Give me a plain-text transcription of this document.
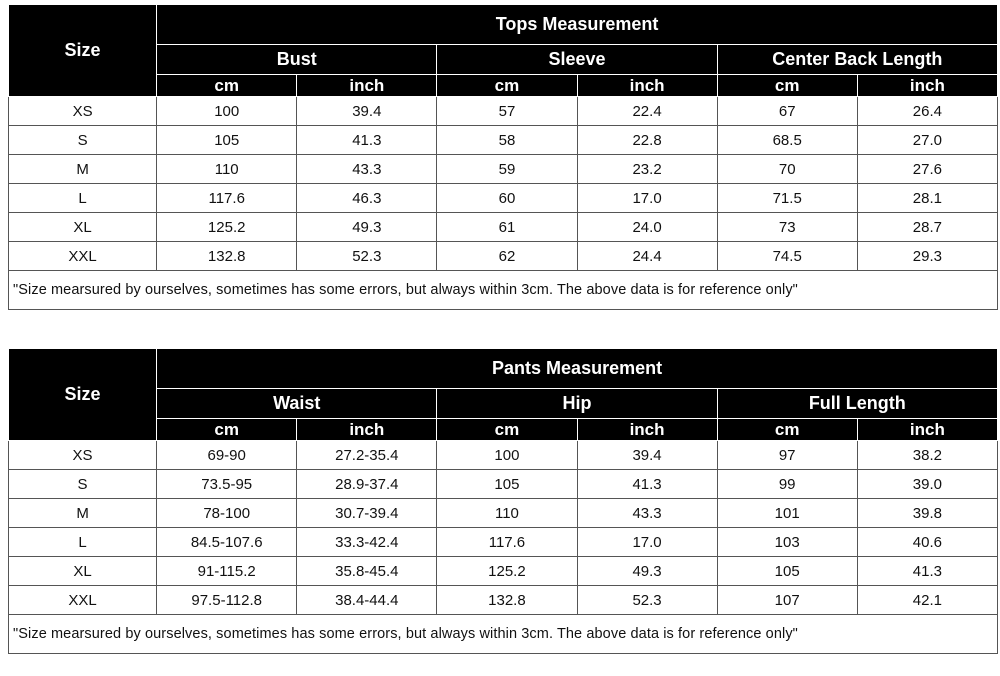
Size	Tops Measurement					
	Bust		Sleeve		Center Back Length	
	cm	inch	cm	inch	cm	inch
XS	100	39.4	57	22.4	67	26.4
S	105	41.3	58	22.8	68.5	27.0
M	110	43.3	59	23.2	70	27.6
L	117.6	46.3	60	17.0	71.5	28.1
XL	125.2	49.3	61	24.0	73	28.7
XXL	132.8	52.3	62	24.4	74.5	29.3
"Size mearsured by ourselves, sometimes has some errors, but always within 3cm. The above data is for reference only"						
Size	Pants Measurement					
	Waist		Hip		Full Length	
	cm	inch	cm	inch	cm	inch
XS	69-90	27.2-35.4	100	39.4	97	38.2
S	73.5-95	28.9-37.4	105	41.3	99	39.0
M	78-100	30.7-39.4	110	43.3	101	39.8
L	84.5-107.6	33.3-42.4	117.6	17.0	103	40.6
XL	91-115.2	35.8-45.4	125.2	49.3	105	41.3
XXL	97.5-112.8	38.4-44.4	132.8	52.3	107	42.1
"Size mearsured by ourselves, sometimes has some errors, but always within 3cm. The above data is for reference only"						
